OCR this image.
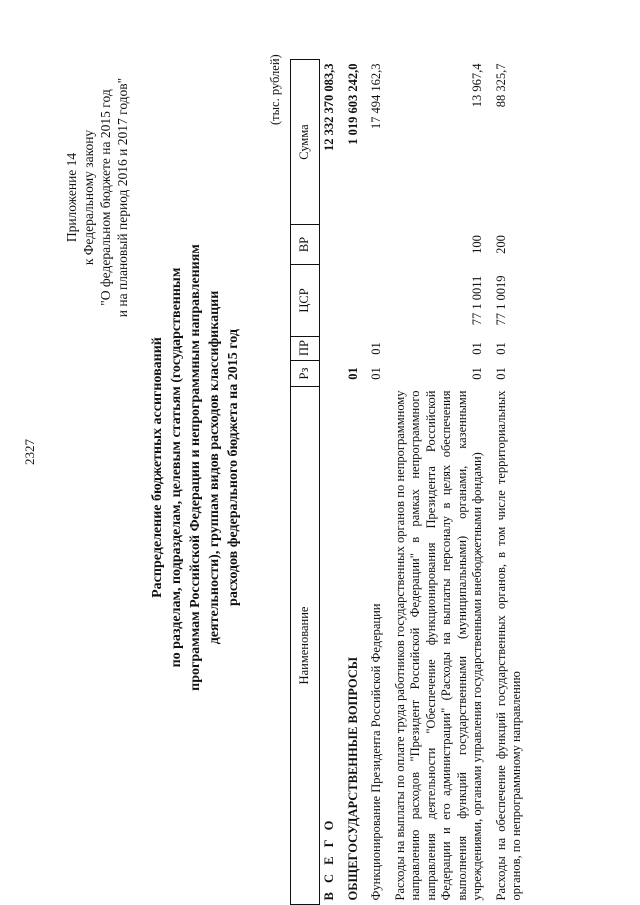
2327
Приложение 14 к Федеральному закону "О федеральном бюджете на 2015 год и на плановый период 2016 и 2017 годов"
Распределение бюджетных ассигнований по разделам, подразделам, целевым статьям (государственным программам Российской Федерации и непрограммным направлениям деятельности), группам видов расходов классификации расходов федерального бюджета на 2015 год
(тыс. рублей)
Наименование	Рз	ПР	ЦСР	ВР	Сумма
В С Е Г О					12 332 370 083,3
ОБЩЕГОСУДАРСТВЕННЫЕ ВОПРОСЫ	01				1 019 603 242,0
Функционирование Президента Российской Федерации	01	01			17 494 162,3
Расходы на выплаты по оплате труда работников государственных органов по непрограммному направлению расходов "Президент Российской Федерации" в рамках непрограммного направления деятельности "Обеспечение функционирования Президента Российской Федерации и его администрации" (Расходы на выплаты персоналу в целях обеспечения выполнения функций государственными (муниципальными) органами, казенными учреждениями, органами управления государственными внебюджетными фондами)	01	01	77 1 0011	100	13 967,4
Расходы на обеспечение функций государственных органов, в том числе территориальных органов, по непрограммному направлению	01	01	77 1 0019	200	88 325,7
